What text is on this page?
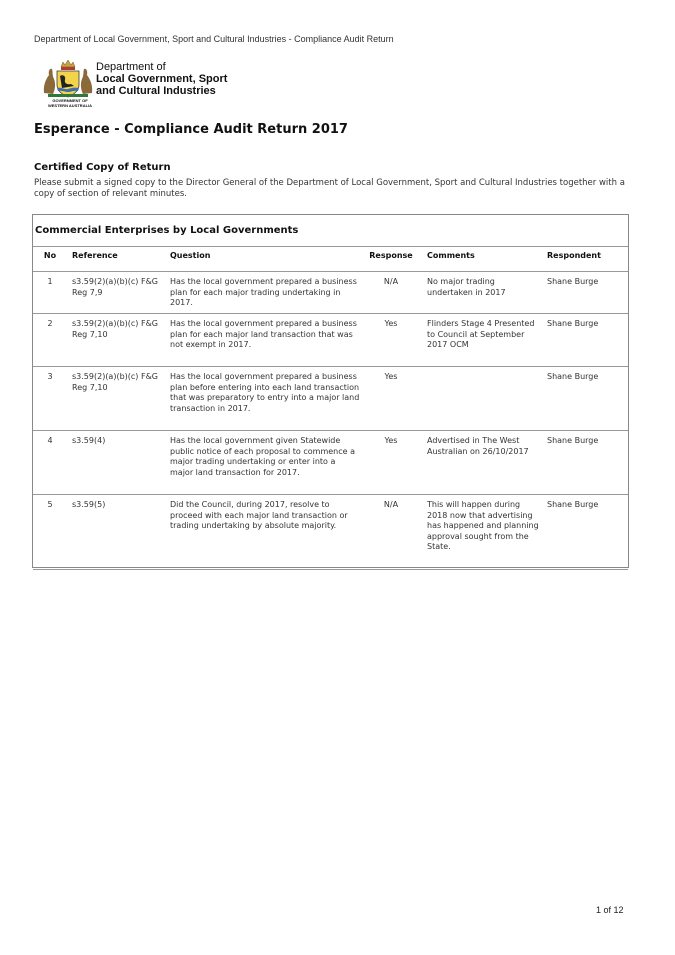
Department of Local Government, Sport and Cultural Industries - Compliance Audit Return
GOVERNMENT OF
WESTERN AUSTRALIA
Department of
Local Government, Sport
and Cultural Industries
Esperance - Compliance Audit Return 2017
Certified Copy of Return
Please submit a signed copy to the Director General of the Department of Local Government, Sport and Cultural Industries together with a copy of section of relevant minutes.
Commercial Enterprises by Local Governments
No	Reference	Question	Response	Comments	Respondent
1	s3.59(2)(a)(b)(c) F&G Reg 7,9	Has the local government prepared a business plan for each major trading undertaking in 2017.	N/A	No major trading undertaken in 2017	Shane Burge
2	s3.59(2)(a)(b)(c) F&G Reg 7,10	Has the local government prepared a business plan for each major land transaction that was not exempt in 2017.	Yes	Flinders Stage 4 Presented to Council at September 2017 OCM	Shane Burge
3	s3.59(2)(a)(b)(c) F&G Reg 7,10	Has the local government prepared a business plan before entering into each land transaction that was preparatory to entry into a major land transaction in 2017.	Yes		Shane Burge
4	s3.59(4)	Has the local government given Statewide public notice of each proposal to commence a major trading undertaking or enter into a major land transaction for 2017.	Yes	Advertised in The West Australian on 26/10/2017	Shane Burge
5	s3.59(5)	Did the Council, during 2017, resolve to proceed with each major land transaction or trading undertaking by absolute majority.	N/A	This will happen during 2018 now that advertising has happened and planning approval sought from the State.	Shane Burge
1 of 12
